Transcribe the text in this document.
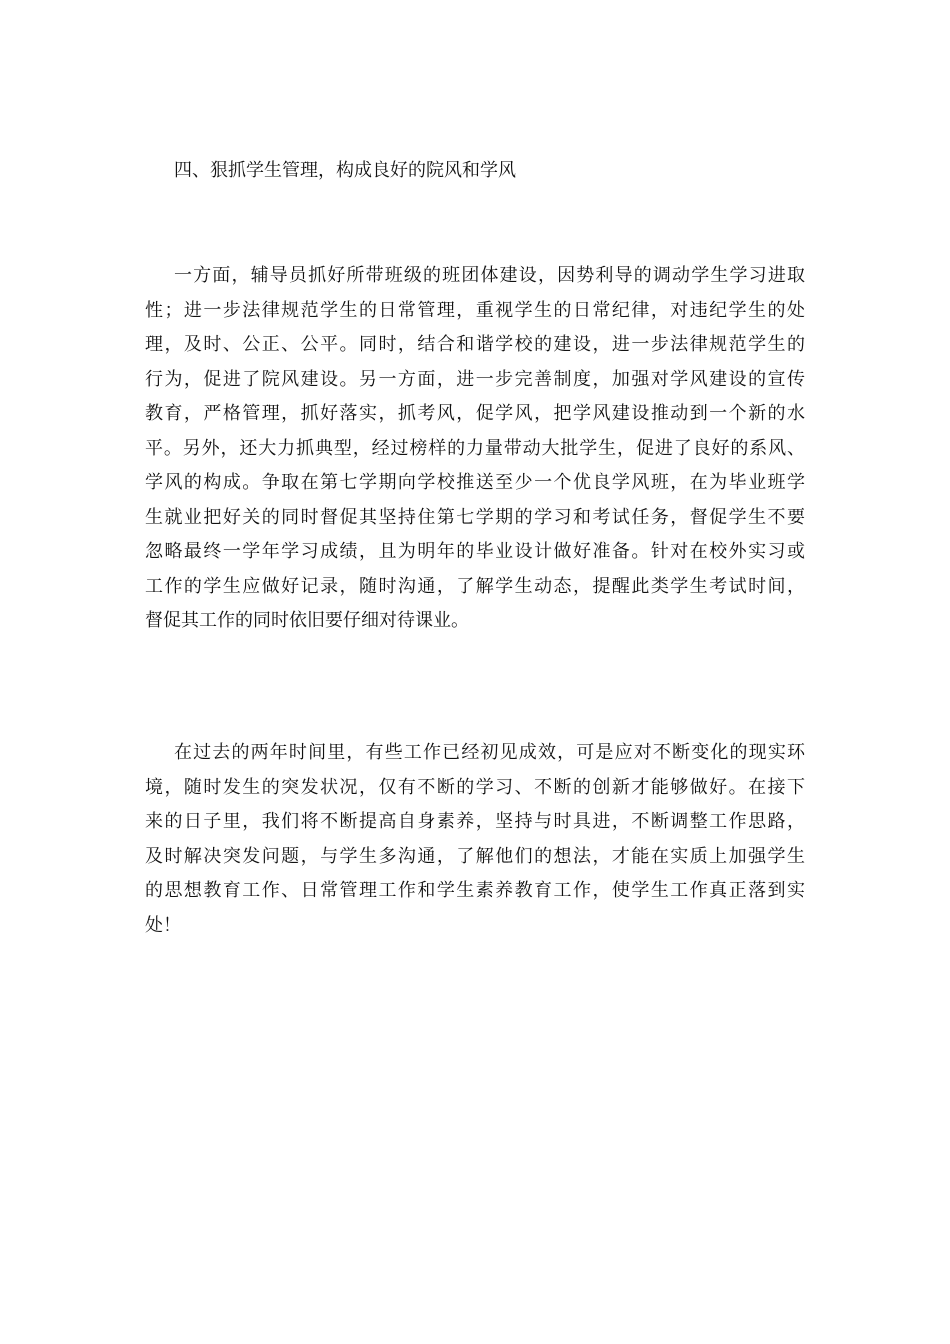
四、狠抓学生管理，构成良好的院风和学风
一方面，辅导员抓好所带班级的班团体建设，因势利导的调动学生学习进取
性；进一步法律规范学生的日常管理，重视学生的日常纪律，对违纪学生的处
理，及时、公正、公平。同时，结合和谐学校的建设，进一步法律规范学生的
行为，促进了院风建设。另一方面，进一步完善制度，加强对学风建设的宣传
教育，严格管理，抓好落实，抓考风，促学风，把学风建设推动到一个新的水
平。另外，还大力抓典型，经过榜样的力量带动大批学生，促进了良好的系风、
学风的构成。争取在第七学期向学校推送至少一个优良学风班，在为毕业班学
生就业把好关的同时督促其坚持住第七学期的学习和考试任务，督促学生不要
忽略最终一学年学习成绩，且为明年的毕业设计做好准备。针对在校外实习或
工作的学生应做好记录，随时沟通，了解学生动态，提醒此类学生考试时间，
督促其工作的同时依旧要仔细对待课业。
在过去的两年时间里，有些工作已经初见成效，可是应对不断变化的现实环
境，随时发生的突发状况，仅有不断的学习、不断的创新才能够做好。在接下
来的日子里，我们将不断提高自身素养，坚持与时具进，不断调整工作思路，
及时解决突发问题，与学生多沟通，了解他们的想法，才能在实质上加强学生
的思想教育工作、日常管理工作和学生素养教育工作，使学生工作真正落到实
处！
